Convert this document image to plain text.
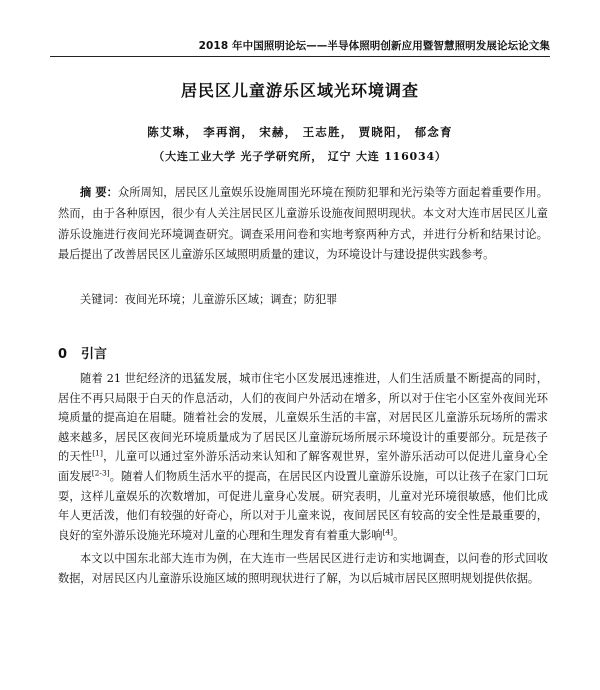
2018 年中国照明论坛——半导体照明创新应用暨智慧照明发展论坛论文集
居民区儿童游乐区域光环境调查
陈艾琳， 李再润， 宋赫， 王志胜， 贾晓阳， 郁念育
（大连工业大学 光子学研究所， 辽宁 大连 116034）
摘 要：众所周知，居民区儿童娱乐设施周围光环境在预防犯罪和光污染等方面起着重要作用。然而，由于各种原因，很少有人关注居民区儿童游乐设施夜间照明现状。本文对大连市居民区儿童游乐设施进行夜间光环境调查研究。调查采用问卷和实地考察两种方式，并进行分析和结果讨论。最后提出了改善居民区儿童游乐区域照明质量的建议，为环境设计与建设提供实践参考。
关键词：夜间光环境；儿童游乐区域；调查；防犯罪
0 引言

随着 21 世纪经济的迅猛发展，城市住宅小区发展迅速推进，人们生活质量不断提高的同时，居住不再只局限于白天的作息活动，人们的夜间户外活动在增多，所以对于住宅小区室外夜间光环境质量的提高迫在眉睫。随着社会的发展，儿童娱乐生活的丰富，对居民区儿童游乐玩场所的需求越来越多，居民区夜间光环境质量成为了居民区儿童游玩场所展示环境设计的重要部分。玩是孩子的天性[1]，儿童可以通过室外游乐活动来认知和了解客观世界，室外游乐活动可以促进儿童身心全面发展[2-3]。随着人们物质生活水平的提高，在居民区内设置儿童游乐设施，可以让孩子在家门口玩耍，这样儿童娱乐的次数增加，可促进儿童身心发展。研究表明，儿童对光环境很敏感，他们比成年人更活泼，他们有较强的好奇心，所以对于儿童来说，夜间居民区有较高的安全性是最重要的，良好的室外游乐设施光环境对儿童的心理和生理发育有着重大影响[4]。

本文以中国东北部大连市为例，在大连市一些居民区进行走访和实地调查，以问卷的形式回收数据，对居民区内儿童游乐设施区域的照明现状进行了解，为以后城市居民区照明规划提供依据。
